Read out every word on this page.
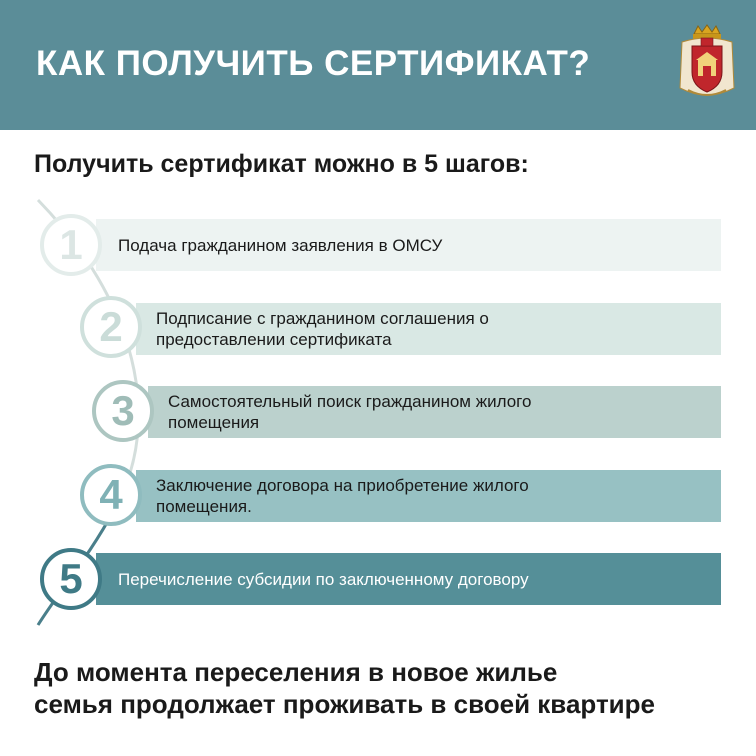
КАК ПОЛУЧИТЬ СЕРТИФИКАТ?
Получить сертификат можно в 5 шагов:
Подача гражданином заявления в ОМСУ
1
Подписание с гражданином соглашения о
предоставлении сертификата
2
Самостоятельный поиск гражданином жилого
помещения
3
Заключение договора на приобретение жилого
помещения.
4
Перечисление субсидии по заключенному договору
5
До момента переселения в новое жилье
семья продолжает проживать в своей квартире
